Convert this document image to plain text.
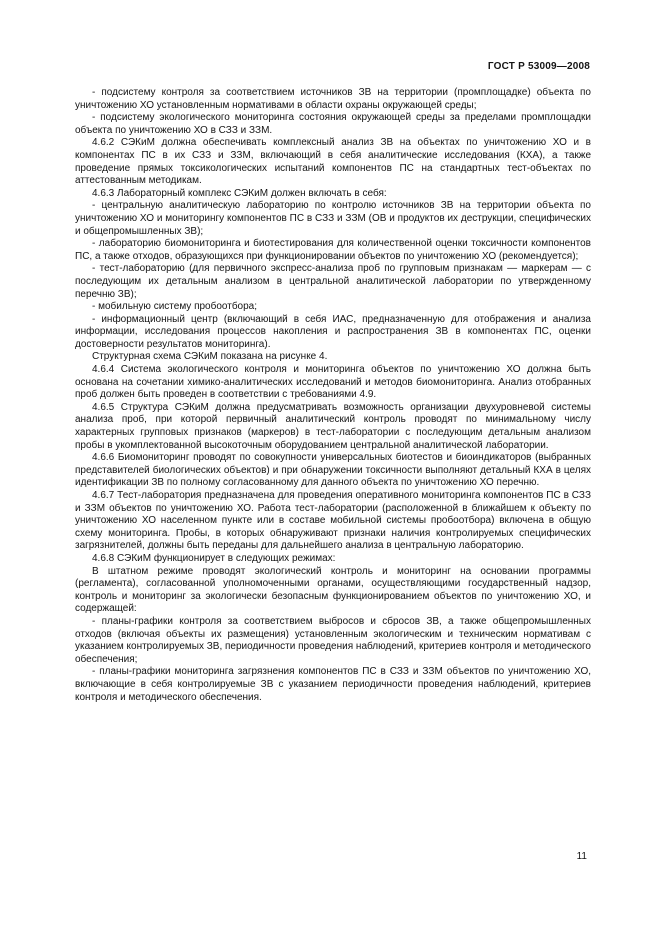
ГОСТ Р 53009—2008

- подсистему контроля за соответствием источников ЗВ на территории (промплощадке) объекта по уничтожению ХО установленным нормативами в области охраны окружающей среды;

- подсистему экологического мониторинга состояния окружающей среды за пределами промплощадки объекта по уничтожению ХО в СЗЗ и ЗЗМ.

4.6.2 СЭКиМ должна обеспечивать комплексный анализ ЗВ на объектах по уничтожению ХО и в компонентах ПС в их СЗЗ и ЗЗМ, включающий в себя аналитические исследования (КХА), а также проведение прямых токсикологических испытаний компонентов ПС на стандартных тест-объектах по аттестованным методикам.

4.6.3 Лабораторный комплекс СЭКиМ должен включать в себя:

- центральную аналитическую лабораторию по контролю источников ЗВ на территории объекта по уничтожению ХО и мониторингу компонентов ПС в СЗЗ и ЗЗМ (ОВ и продуктов их деструкции, специфических и общепромышленных ЗВ);

- лабораторию биомониторинга и биотестирования для количественной оценки токсичности компонентов ПС, а также отходов, образующихся при функционировании объектов по уничтожению ХО (рекомендуется);

- тест-лабораторию (для первичного экспресс-анализа проб по групповым признакам — маркерам — с последующим их детальным анализом в центральной аналитической лаборатории по утвержденному перечню ЗВ);

- мобильную систему пробоотбора;

- информационный центр (включающий в себя ИАС, предназначенную для отображения и анализа информации, исследования процессов накопления и распространения ЗВ в компонентах ПС, оценки достоверности результатов мониторинга).

Структурная схема СЭКиМ показана на рисунке 4.

4.6.4 Система экологического контроля и мониторинга объектов по уничтожению ХО должна быть основана на сочетании химико-аналитических исследований и методов биомониторинга. Анализ отобранных проб должен быть проведен в соответствии с требованиями 4.9.

4.6.5 Структура СЭКиМ должна предусматривать возможность организации двухуровневой системы анализа проб, при которой первичный аналитический контроль проводят по минимальному числу характерных групповых признаков (маркеров) в тест-лаборатории с последующим детальным анализом пробы в укомплектованной высокоточным оборудованием центральной аналитической лаборатории.

4.6.6 Биомониторинг проводят по совокупности универсальных биотестов и биоиндикаторов (выбранных представителей биологических объектов) и при обнаружении токсичности выполняют детальный КХА в целях идентификации ЗВ по полному согласованному для данного объекта по уничтожению ХО перечню.

4.6.7 Тест-лаборатория предназначена для проведения оперативного мониторинга компонентов ПС в СЗЗ и ЗЗМ объектов по уничтожению ХО. Работа тест-лаборатории (расположенной в ближайшем к объекту по уничтожению ХО населенном пункте или в составе мобильной системы пробоотбора) включена в общую схему мониторинга. Пробы, в которых обнаруживают признаки наличия контролируемых специфических загрязнителей, должны быть переданы для дальнейшего анализа в центральную лабораторию.

4.6.8 СЭКиМ функционирует в следующих режимах:

В штатном режиме проводят экологический контроль и мониторинг на основании программы (регламента), согласованной уполномоченными органами, осуществляющими государственный надзор, контроль и мониторинг за экологически безопасным функционированием объектов по уничтожению ХО, и содержащей:

- планы-графики контроля за соответствием выбросов и сбросов ЗВ, а также общепромышленных отходов (включая объекты их размещения) установленным экологическим и техническим нормативам с указанием контролируемых ЗВ, периодичности проведения наблюдений, критериев контроля и методического обеспечения;

- планы-графики мониторинга загрязнения компонентов ПС в СЗЗ и ЗЗМ объектов по уничтожению ХО, включающие в себя контролируемые ЗВ с указанием периодичности проведения наблюдений, критериев контроля и методического обеспечения.

11
